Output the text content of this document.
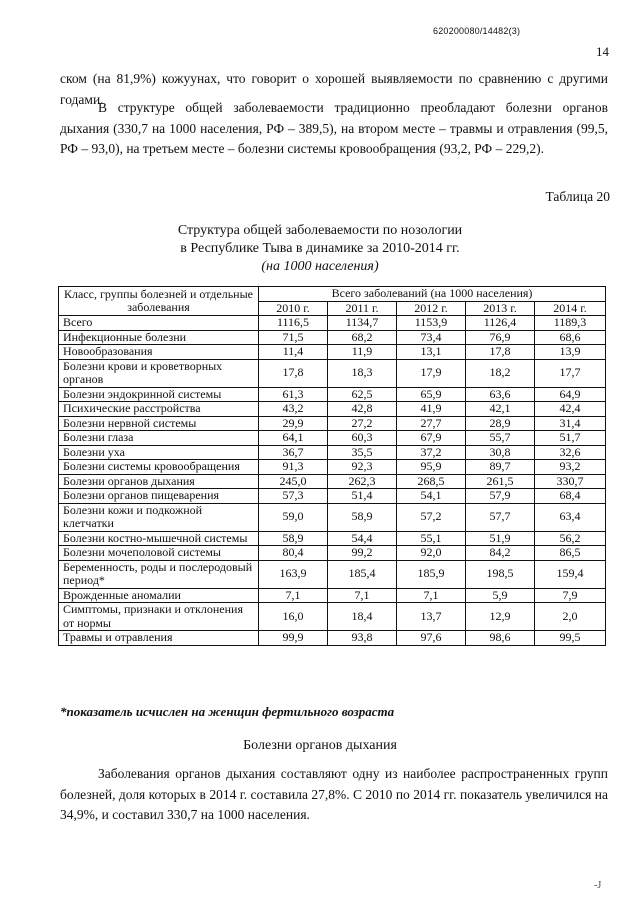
620200080/14482(3)
14

ском (на 81,9%) кожуунах, что говорит о хорошей выявляемости по сравнению с другими годами.

В структуре общей заболеваемости традиционно преобладают болезни органов дыхания (330,7 на 1000 населения, РФ – 389,5), на втором месте – травмы и отравления (99,5, РФ – 93,0), на третьем месте – болезни системы кровообращения (93,2, РФ – 229,2).

Таблица 20
Структура общей заболеваемости по нозологии
в Республике Тыва в динамике за 2010-2014 гг.
(на 1000 населения)
Класс, группы болезней и отдельные заболевания	Всего заболеваний (на 1000 населения)				
	2010 г.	2011 г.	2012 г.	2013 г.	2014 г.
Всего	1116,5	1134,7	1153,9	1126,4	1189,3
Инфекционные болезни	71,5	68,2	73,4	76,9	68,6
Новообразования	11,4	11,9	13,1	17,8	13,9
Болезни крови и кроветворных органов	17,8	18,3	17,9	18,2	17,7
Болезни эндокринной системы	61,3	62,5	65,9	63,6	64,9
Психические расстройства	43,2	42,8	41,9	42,1	42,4
Болезни нервной системы	29,9	27,2	27,7	28,9	31,4
Болезни глаза	64,1	60,3	67,9	55,7	51,7
Болезни уха	36,7	35,5	37,2	30,8	32,6
Болезни системы кровообращения	91,3	92,3	95,9	89,7	93,2
Болезни органов дыхания	245,0	262,3	268,5	261,5	330,7
Болезни органов пищеварения	57,3	51,4	54,1	57,9	68,4
Болезни кожи и подкожной клетчатки	59,0	58,9	57,2	57,7	63,4
Болезни костно-мышечной системы	58,9	54,4	55,1	51,9	56,2
Болезни мочеполовой системы	80,4	99,2	92,0	84,2	86,5
Беременность, роды и послеродовый период*	163,9	185,4	185,9	198,5	159,4
Врожденные аномалии	7,1	7,1	7,1	5,9	7,9
Симптомы, признаки и отклонения от нормы	16,0	18,4	13,7	12,9	2,0
Травмы и отравления	99,9	93,8	97,6	98,6	99,5
*показатель исчислен на женщин фертильного возраста
Болезни органов дыхания

Заболевания органов дыхания составляют одну из наиболее распространенных групп болезней, доля которых в 2014 г. составила 27,8%. С 2010 по 2014 гг. показатель увеличился на 34,9%, и составил 330,7 на 1000 населения.

-J
